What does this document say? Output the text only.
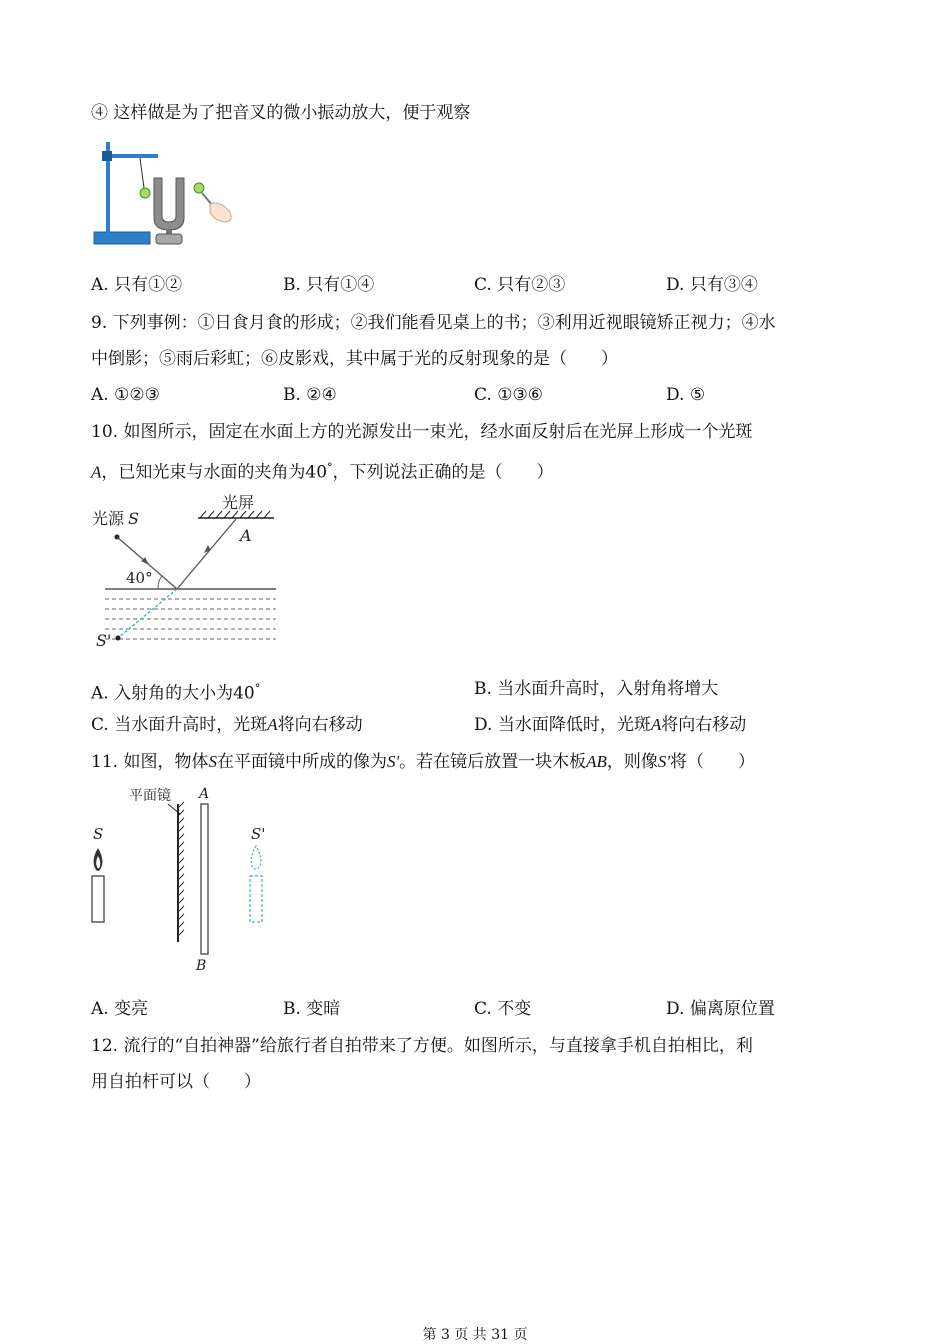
④ 这样做是为了把音叉的微小振动放大，便于观察
A. 只有①②	B. 只有①④	C. 只有②③	D. 只有③④
9. 下列事例：①日食月食的形成；②我们能看见桌上的书；③利用近视眼镜矫正视力；④水
中倒影；⑤雨后彩虹；⑥皮影戏，其中属于光的反射现象的是（　　）
A. ①②③	B. ②④	C. ①③⑥	D. ⑤
10. 如图所示，固定在水面上方的光源发出一束光，经水面反射后在光屏上形成一个光斑
A，已知光束与水面的夹角为40°，下列说法正确的是（　　）
光屏
A
光源 S
40°
S'
A. 入射角的大小为40°	B. 当水面升高时，入射角将增大
C. 当水面升高时，光斑A将向右移动	D. 当水面降低时，光斑A将向右移动
11. 如图，物体S在平面镜中所成的像为S'。若在镜后放置一块木板AB，则像S'将（　　）
S
平面镜 A
B
S'
A. 变亮	B. 变暗	C. 不变	D. 偏离原位置
12. 流行的“自拍神器”给旅行者自拍带来了方便。如图所示，与直接拿手机自拍相比，利
用自拍杆可以（　　）
第 3 页 共 31 页
